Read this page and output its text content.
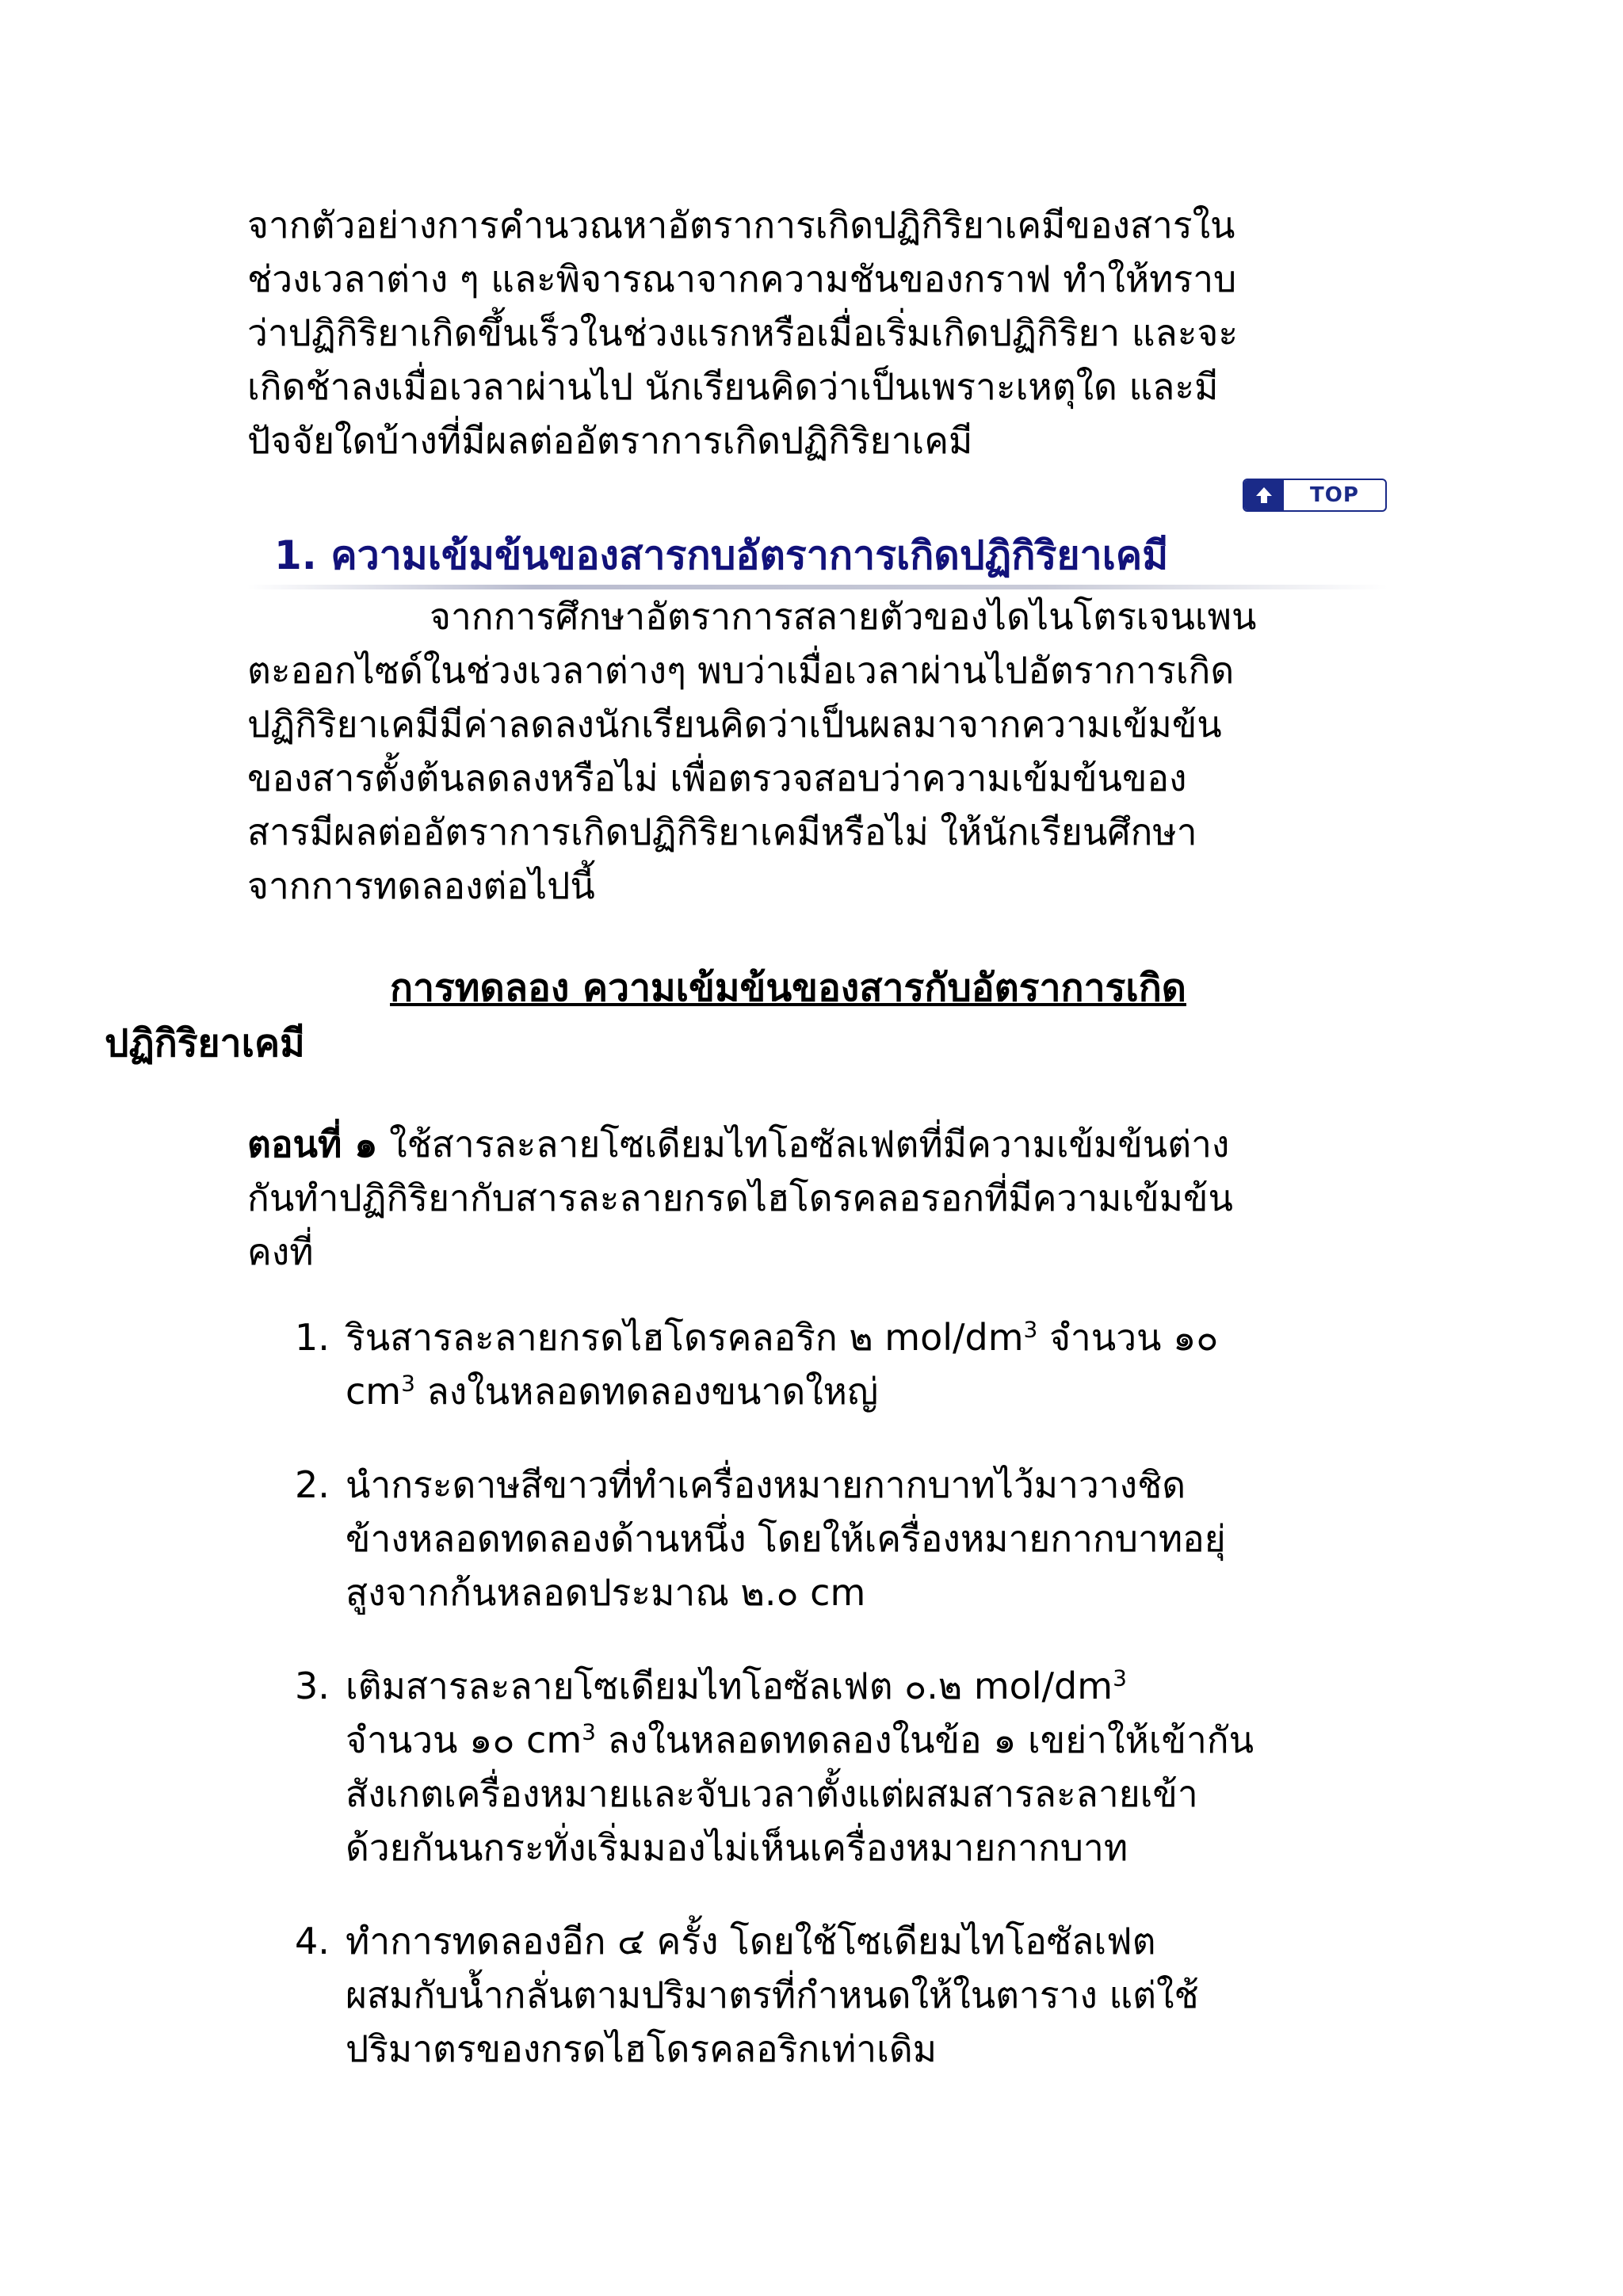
จากตัวอย่างการคำนวณหาอัตราการเกิดปฏิกิริยาเคมีของสารใน
ช่วงเวลาต่าง ๆ และพิจารณาจากความชันของกราฟ ทำให้ทราบ
ว่าปฏิกิริยาเกิดขึ้นเร็วในช่วงแรกหรือเมื่อเริ่มเกิดปฏิกิริยา และจะ
เกิดช้าลงเมื่อเวลาผ่านไป นักเรียนคิดว่าเป็นเพราะเหตุใด และมี
ปัจจัยใดบ้างที่มีผลต่ออัตราการเกิดปฏิกิริยาเคมี

TOP
1. ความเข้มข้นของสารกบอัตราการเกิดปฏิกิริยาเคมี

จากการศึกษาอัตราการสลายตัวของไดไนโตรเจนเพน
ตะออกไซด์ในช่วงเวลาต่างๆ พบว่าเมื่อเวลาผ่านไปอัตราการเกิด
ปฏิกิริยาเคมีมีค่าลดลงนักเรียนคิดว่าเป็นผลมาจากความเข้มข้น
ของสารตั้งต้นลดลงหรือไม่ เพื่อตรวจสอบว่าความเข้มข้นของ
สารมีผลต่ออัตราการเกิดปฏิกิริยาเคมีหรือไม่ ให้นักเรียนศึกษา
จากการทดลองต่อไปนี้

การทดลอง ความเข้มข้นของสารกับอัตราการเกิด
ปฏิกิริยาเคมี
ตอนที่ ๑ ใช้สารละลายโซเดียมไทโอซัลเฟตที่มีความเข้มข้นต่าง
กันทำปฏิกิริยากับสารละลายกรดไฮโดรคลอรอกที่มีความเข้มข้น
คงที่
1. รินสารละลายกรดไฮโดรคลอริก ๒ mol/$dm^3$ จำนวน ๑๐
$cm^3$ ลงในหลอดทดลองขนาดใหญ่
2. นำกระดาษสีขาวที่ทำเครื่องหมายกากบาทไว้มาวางชิด
ข้างหลอดทดลองด้านหนึ่ง โดยให้เครื่องหมายกากบาทอยุ่
สูงจากก้นหลอดประมาณ ๒.๐ cm
3. เติมสารละลายโซเดียมไทโอซัลเฟต ๐.๒ mol/$dm^3$
จำนวน ๑๐ $cm^3$ ลงในหลอดทดลองในข้อ ๑ เขย่าให้เข้ากัน
สังเกตเครื่องหมายและจับเวลาตั้งแต่ผสมสารละลายเข้า
ด้วยกันนกระทั่งเริ่มมองไม่เห็นเครื่องหมายกากบาท
4. ทำการทดลองอีก ๔ ครั้ง โดยใช้โซเดียมไทโอซัลเฟต
ผสมกับน้ำกลั่นตามปริมาตรที่กำหนดให้ในตาราง แต่ใช้
ปริมาตรของกรดไฮโดรคลอริกเท่าเดิม
